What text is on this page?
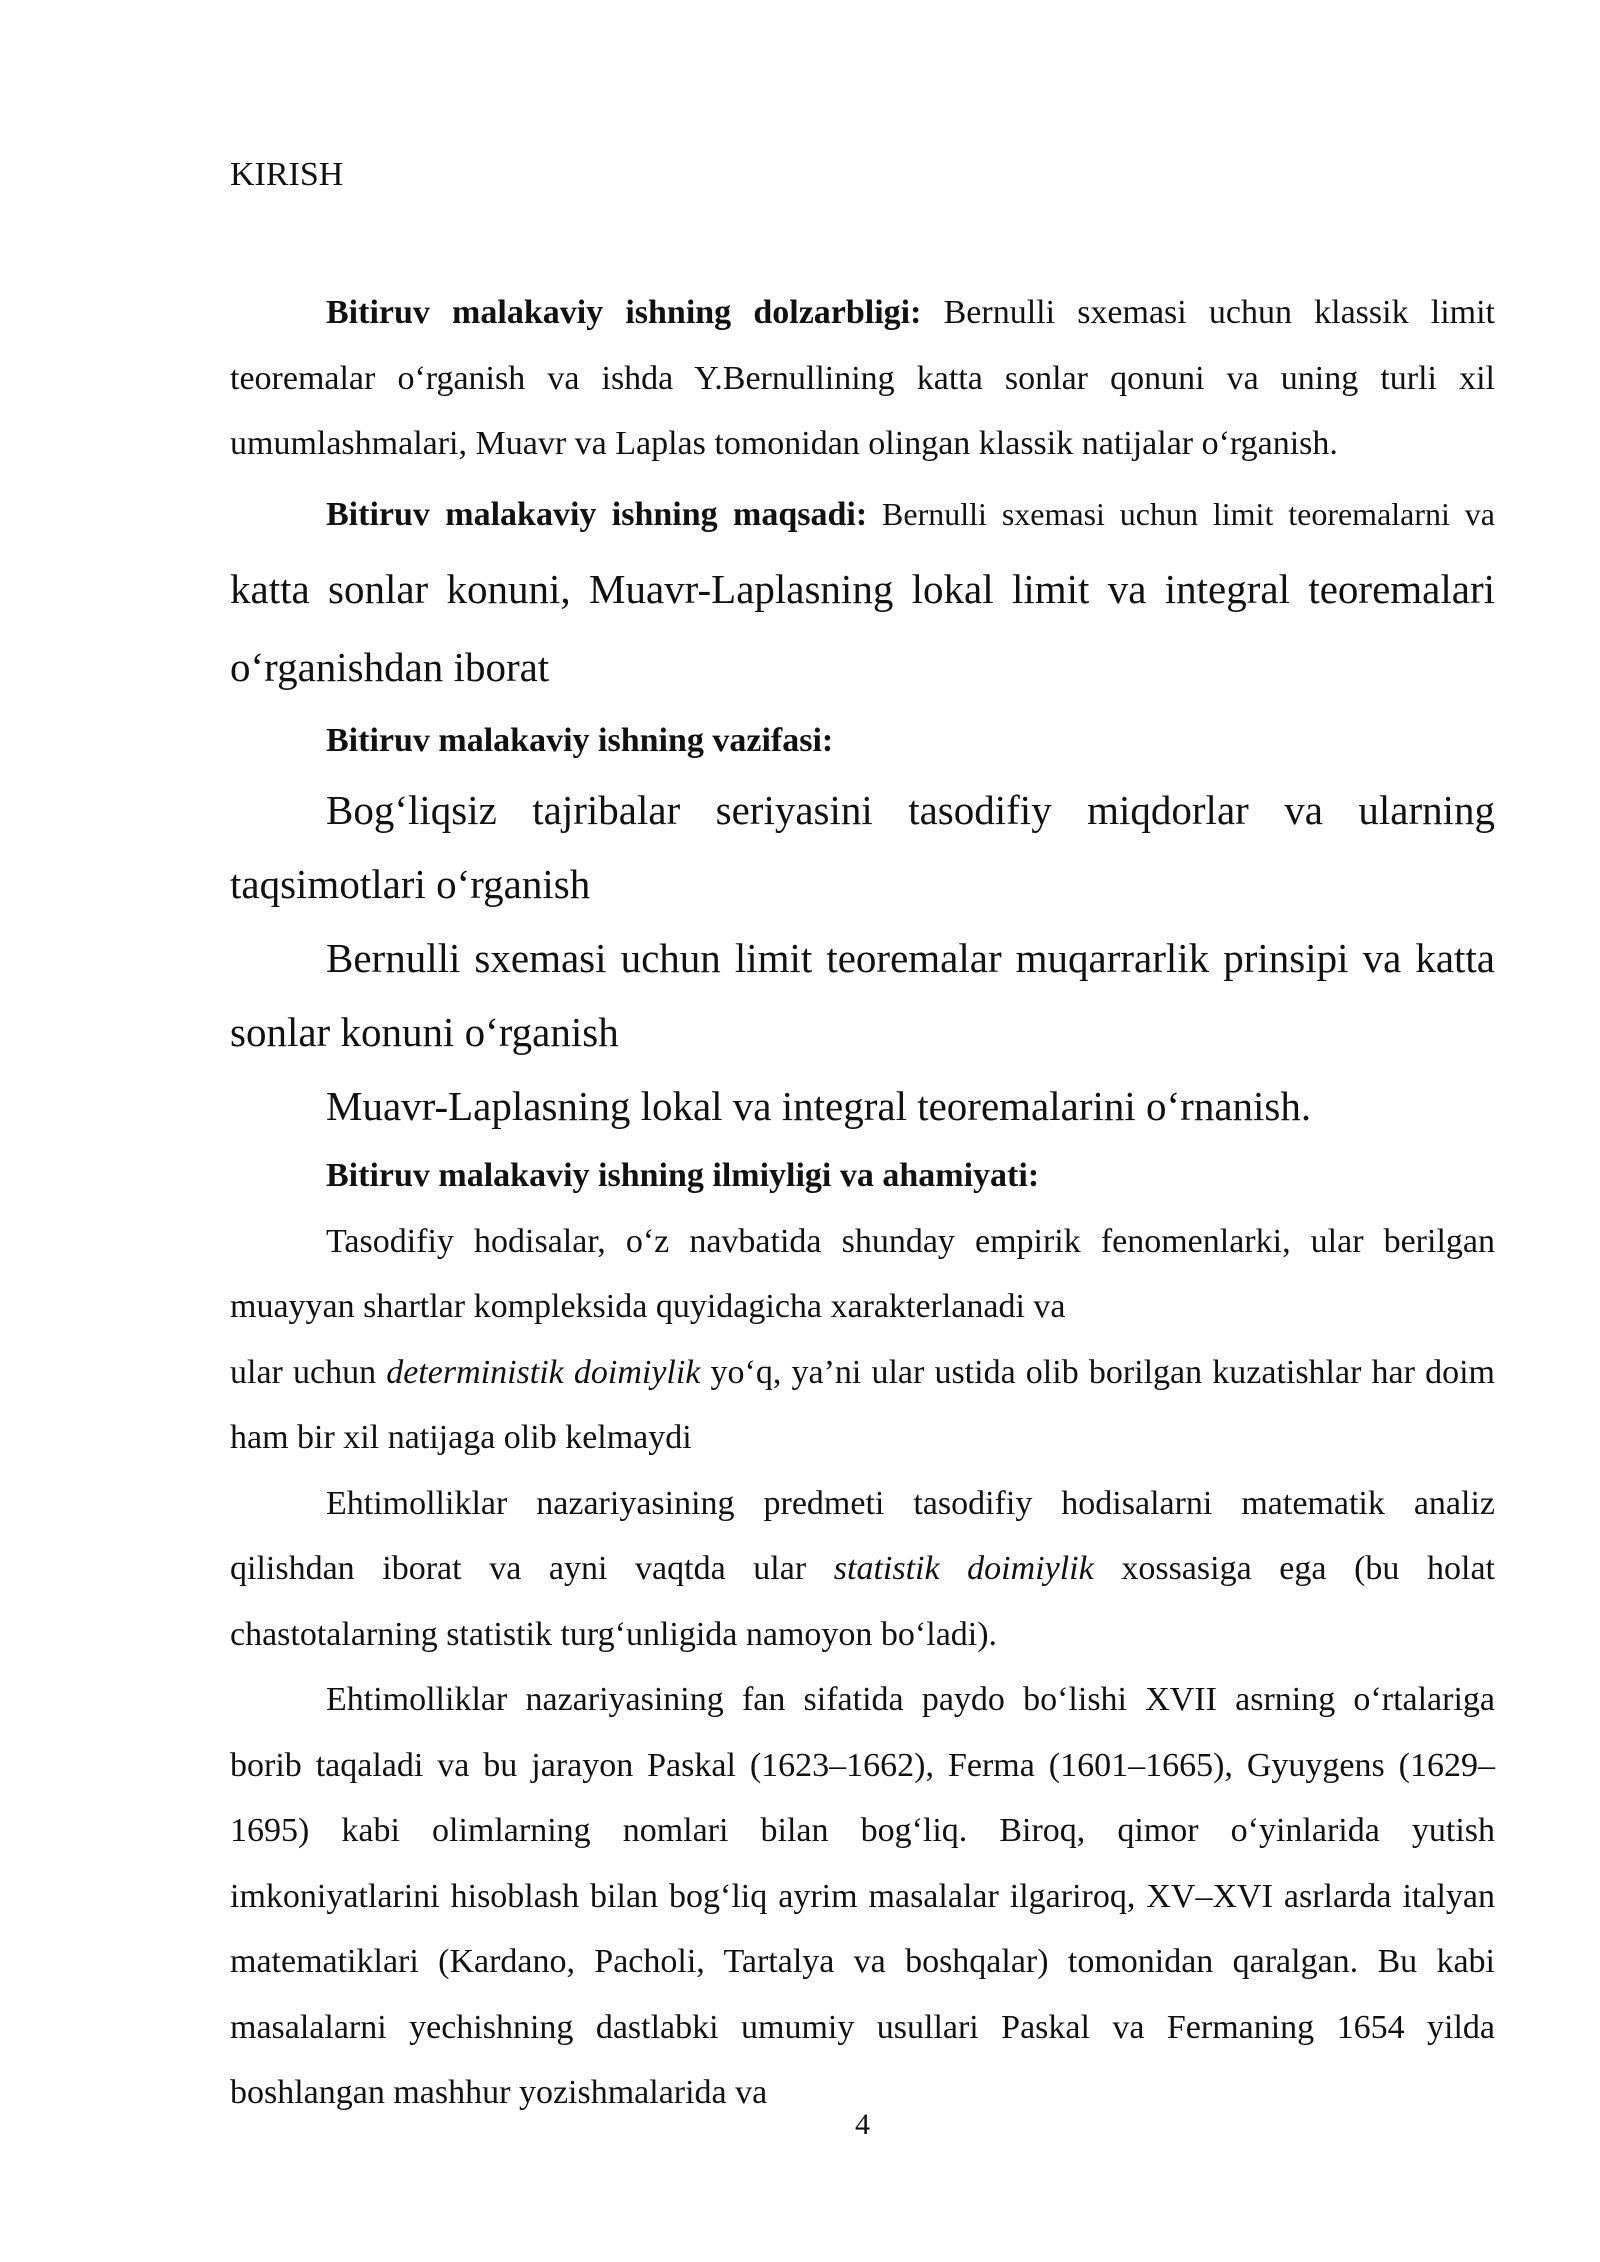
KIRISH

Bitiruv malakaviy ishning dolzarbligi: Bernulli sxemasi uchun klassik limit teoremalar o‘rganish va ishda Y.Bernullining katta sonlar qonuni va uning turli xil umumlashmalari, Muavr va Laplas tomonidan olingan klassik natijalar o‘rganish.

Bitiruv malakaviy ishning maqsadi: Bernulli sxemasi uchun limit teoremalarni va katta sonlar konuni, Muavr-Laplasning lokal limit va integral teoremalari o‘rganishdan iborat

Bitiruv malakaviy ishning vazifasi:

Bog‘liqsiz tajribalar seriyasini tasodifiy miqdorlar va ularning taqsimotlari o‘rganish

Bernulli sxemasi uchun limit teoremalar muqarrarlik prinsipi va katta sonlar konuni o‘rganish

Muavr-Laplasning lokal va integral teoremalarini o‘rnanish.

Bitiruv malakaviy ishning ilmiyligi va ahamiyati:

Tasodifiy hodisalar, o‘z navbatida shunday empirik fenomenlarki, ular berilgan muayyan shartlar kompleksida quyidagicha xarakterlanadi va

ular uchun deterministik doimiylik yo‘q, ya’ni ular ustida olib borilgan kuzatishlar har doim ham bir xil natijaga olib kelmaydi

Ehtimolliklar nazariyasining predmeti tasodifiy hodisalarni matematik analiz qilishdan iborat va ayni vaqtda ular statistik doimiylik xossasiga ega (bu holat chastotalarning statistik turg‘unligida namoyon bo‘ladi).

Ehtimolliklar nazariyasining fan sifatida paydo bo‘lishi XVII asrning o‘rtalariga borib taqaladi va bu jarayon Paskal (1623–1662), Ferma (1601–1665), Gyuygens (1629–1695) kabi olimlarning nomlari bilan bog‘liq. Biroq, qimor o‘yinlarida yutish imkoniyatlarini hisoblash bilan bog‘liq ayrim masalalar ilgariroq, XV–XVI asrlarda italyan matematiklari (Kardano, Pacholi, Tartalya va boshqalar) tomonidan qaralgan. Bu kabi masalalarni yechishning dastlabki umumiy usullari Paskal va Fermaning 1654 yilda boshlangan mashhur yozishmalarida va

4
